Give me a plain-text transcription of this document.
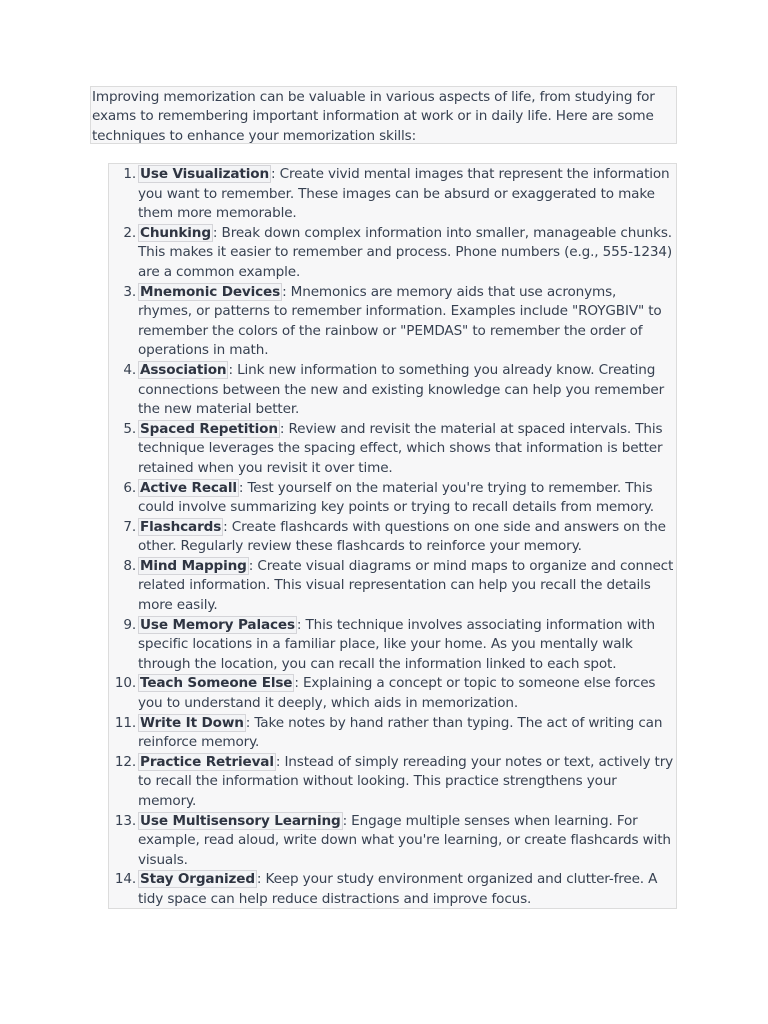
Improving memorization can be valuable in various aspects of life, from studying for exams to remembering important information at work or in daily life. Here are some techniques to enhance your memorization skills:
1 . Use Visualization : Create vivid mental images that represent the information you want to remember. These images can be absurd or exaggerated to make them more memorable.
2 . Chunking : Break down complex information into smaller, manageable chunks. This makes it easier to remember and process. Phone numbers (e.g., 555-1234) are a common example.
3 . Mnemonic Devices : Mnemonics are memory aids that use acronyms, rhymes, or patterns to remember information. Examples include "ROYGBIV" to remember the colors of the rainbow or "PEMDAS" to remember the order of operations in math.
4 . Association : Link new information to something you already know. Creating connections between the new and existing knowledge can help you remember the new material better.
5 . Spaced Repetition : Review and revisit the material at spaced intervals. This technique leverages the spacing effect, which shows that information is better retained when you revisit it over time.
6 . Active Recall : Test yourself on the material you're trying to remember. This could involve summarizing key points or trying to recall details from memory.
7 . Flashcards : Create flashcards with questions on one side and answers on the other. Regularly review these flashcards to reinforce your memory.
8 . Mind Mapping : Create visual diagrams or mind maps to organize and connect related information. This visual representation can help you recall the details more easily.
9 . Use Memory Palaces : This technique involves associating information with specific locations in a familiar place, like your home. As you mentally walk through the location, you can recall the information linked to each spot.
10 . Teach Someone Else : Explaining a concept or topic to someone else forces you to understand it deeply, which aids in memorization.
11 . Write It Down : Take notes by hand rather than typing. The act of writing can reinforce memory.
12 . Practice Retrieval : Instead of simply rereading your notes or text, actively try to recall the information without looking. This practice strengthens your memory.
13 . Use Multisensory Learning : Engage multiple senses when learning. For example, read aloud, write down what you're learning, or create flashcards with visuals.
14 . Stay Organized : Keep your study environment organized and clutter-free. A tidy space can help reduce distractions and improve focus.
